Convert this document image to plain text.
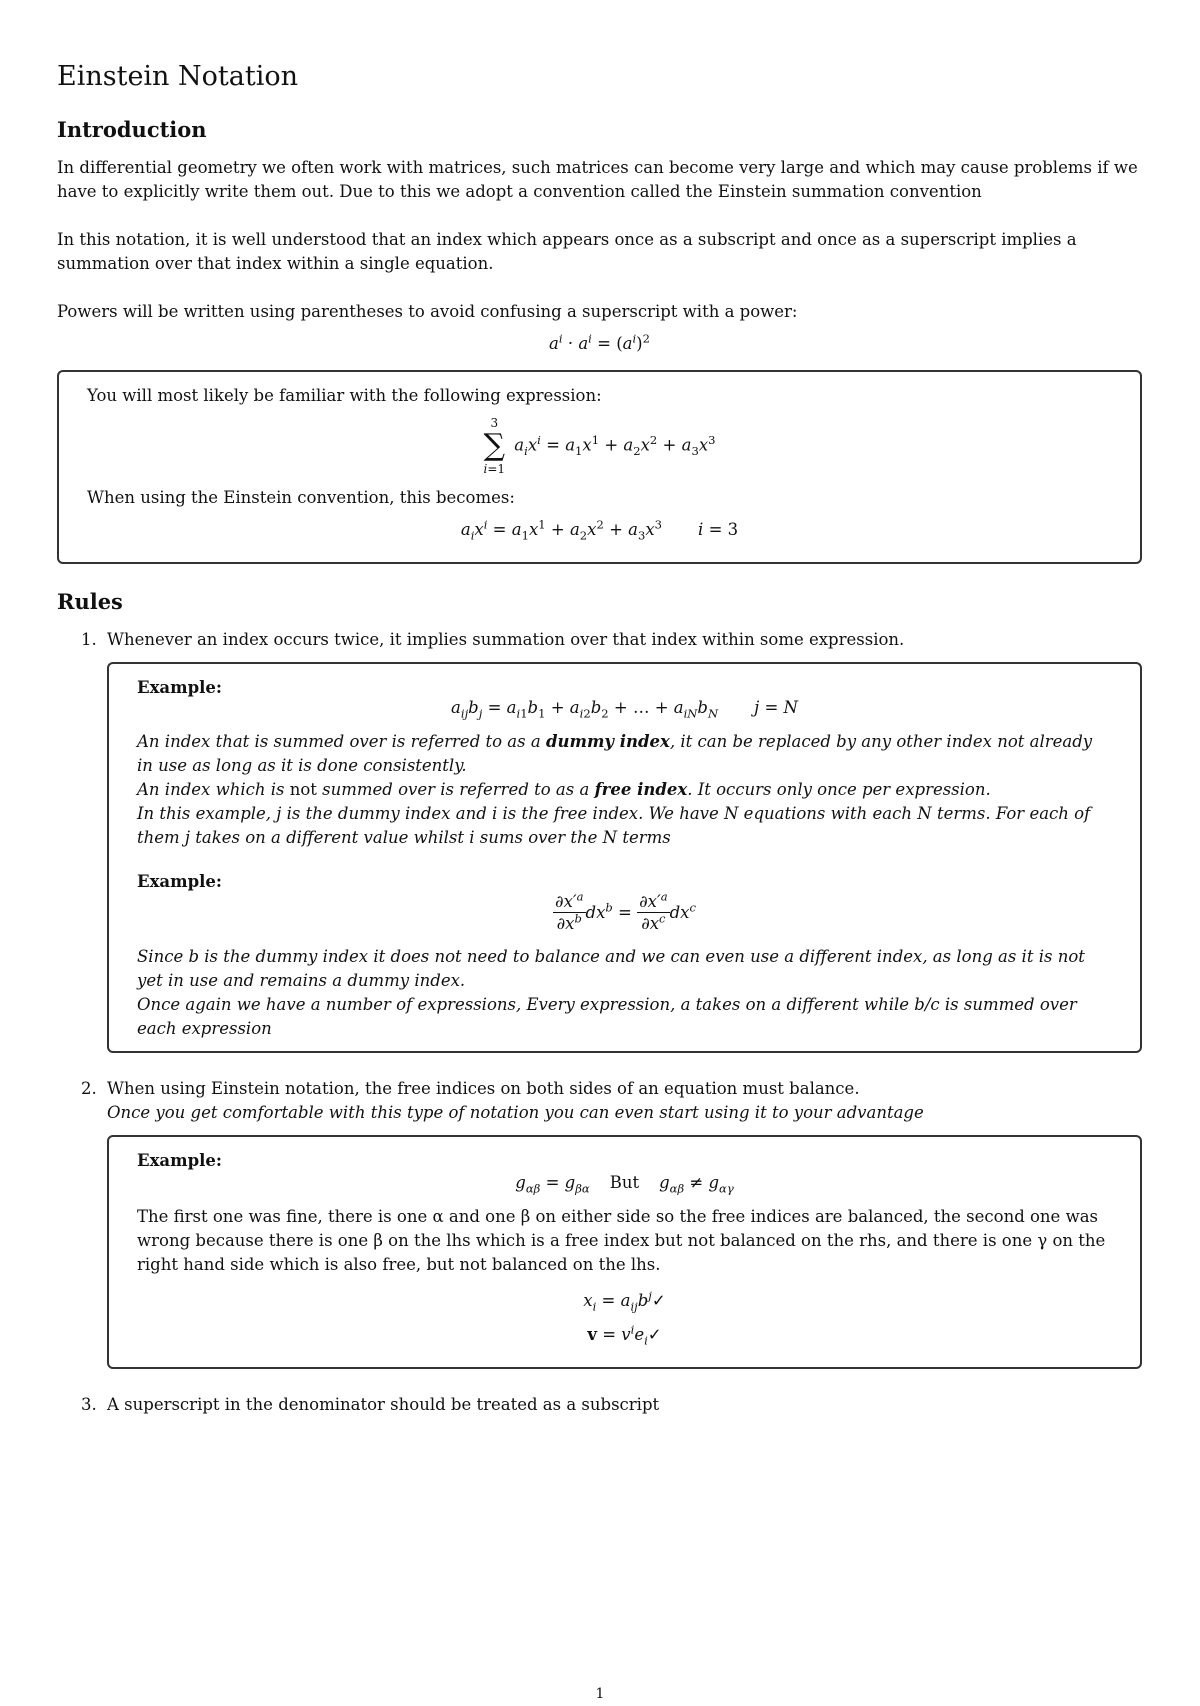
Einstein Notation
Introduction

In differential geometry we often work with matrices, such matrices can become very large and which may cause problems if we have to explicitly write them out. Due to this we adopt a convention called the Einstein summation convention

In this notation, it is well understood that an index which appears once as a subscript and once as a superscript implies a summation over that index within a single equation.

Powers will be written using parentheses to avoid confusing a superscript with a power:

$a^i \cdot a^i = (a^i)^2$
You will most likely be familiar with the following expression:
3
∑
i=1
$a_ix^i = a_1x^1 + a_2x^2 + a_3x^3$
When using the Einstein convention, this becomes:
$a_ix^i = a_1x^1 + a_2x^2 + a_3x^3$ i = 3
Rules
1. Whenever an index occurs twice, it implies summation over that index within some expression.
Example:
$a_{ij}b_j = a_{i1}b_1 + a_{i2}b_2$ + … + $a_{iN}b_N$ j = N
An index that is summed over is referred to as a dummy index, it can be replaced by any other index not already in use as long as it is done consistently.
An index which is not summed over is referred to as a free index. It occurs only once per expression.
In this example, j is the dummy index and i is the free index. We have N equations with each N terms. For each of them j takes on a different value whilst i sums over the N terms
Example:
$\frac{\partial x'^a}{\partial x^b} dx^b = \frac{\partial x'^a}{\partial x^c} dx^c$
Since b is the dummy index it does not need to balance and we can even use a different index, as long as it is not yet in use and remains a dummy index.
Once again we have a number of expressions, Every expression, a takes on a different while b/c is summed over each expression
2. When using Einstein notation, the free indices on both sides of an equation must balance.
Once you get comfortable with this type of notation you can even start using it to your advantage
Example:
$g_{\alpha\beta} = g_{\beta\alpha}$ But $g_{\alpha\beta} \ne g_{\alpha\gamma}$
The first one was fine, there is one α and one β on either side so the free indices are balanced, the second one was wrong because there is one β on the lhs which is a free index but not balanced on the rhs, and there is one γ on the right hand side which is also free, but not balanced on the lhs.
$x_i$ = $a_{ij}b^j✓$
$v = v^ie_i✓$
3. A superscript in the denominator should be treated as a subscript
1
